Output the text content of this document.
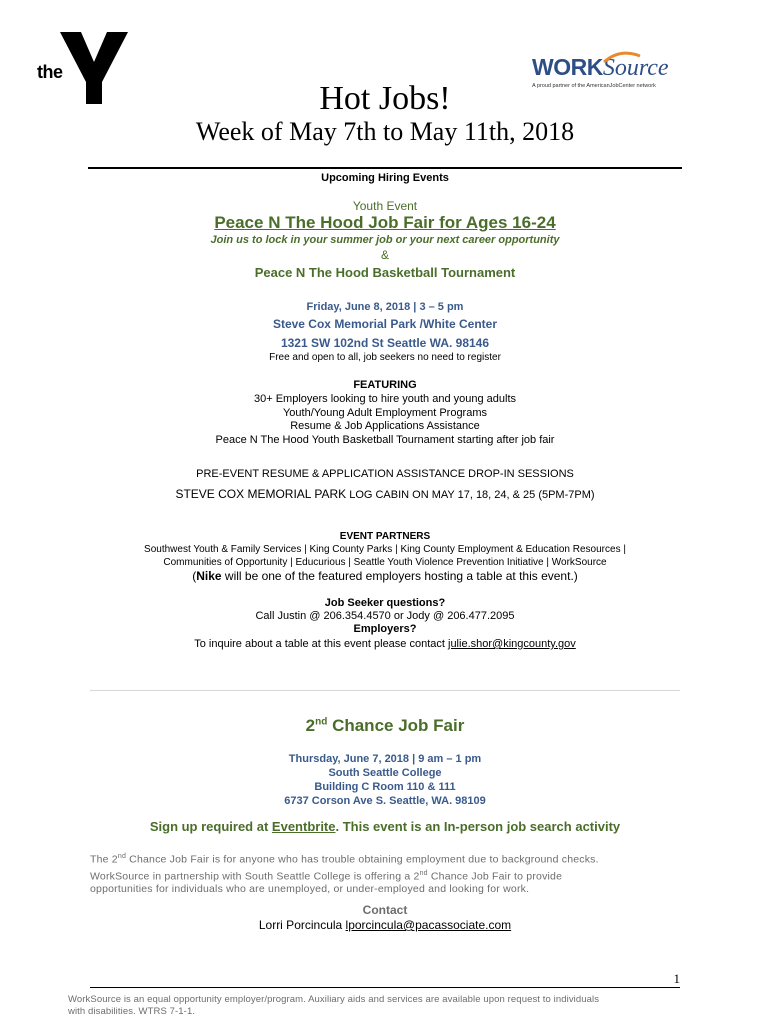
the
YMCA
WORKSource
A proud partner of the AmericanJobCenter network
Hot Jobs!
Week of May 7th to May 11th, 2018
Upcoming Hiring Events
Youth Event
Peace N The Hood Job Fair for Ages 16-24
Join us to lock in your summer job or your next career opportunity
&
Peace N The Hood Basketball Tournament
Friday, June 8, 2018 | 3 – 5 pm
Steve Cox Memorial Park /White Center
1321 SW 102nd St Seattle WA. 98146
Free and open to all, job seekers no need to register
FEATURING
30+ Employers looking to hire youth and young adults
Youth/Young Adult Employment Programs
Resume & Job Applications Assistance
Peace N The Hood Youth Basketball Tournament starting after job fair
PRE-EVENT RESUME & APPLICATION ASSISTANCE DROP-IN SESSIONS
STEVE COX MEMORIAL PARK LOG CABIN ON MAY 17, 18, 24, & 25 (5PM-7PM)
EVENT PARTNERS
Southwest Youth & Family Services | King County Parks | King County Employment & Education Resources |
Communities of Opportunity | Educurious | Seattle Youth Violence Prevention Initiative | WorkSource
(Nike will be one of the featured employers hosting a table at this event.)
Job Seeker questions?
Call Justin @ 206.354.4570 or Jody @ 206.477.2095
Employers?
To inquire about a table at this event please contact julie.shor@kingcounty.gov
2nd Chance Job Fair
Thursday, June 7, 2018 | 9 am – 1 pm
South Seattle College
Building C Room 110 & 111
6737 Corson Ave S. Seattle, WA. 98109
Sign up required at Eventbrite. This event is an In-person job search activity
The 2nd Chance Job Fair is for anyone who has trouble obtaining employment due to background checks.
WorkSource in partnership with South Seattle College is offering a 2nd Chance Job Fair to provide
opportunities for individuals who are unemployed, or under-employed and looking for work.
Contact
Lorri Porcincula lporcincula@pacassociate.com
1
WorkSource is an equal opportunity employer/program. Auxiliary aids and services are available upon request to individuals
with disabilities. WTRS 7-1-1.
